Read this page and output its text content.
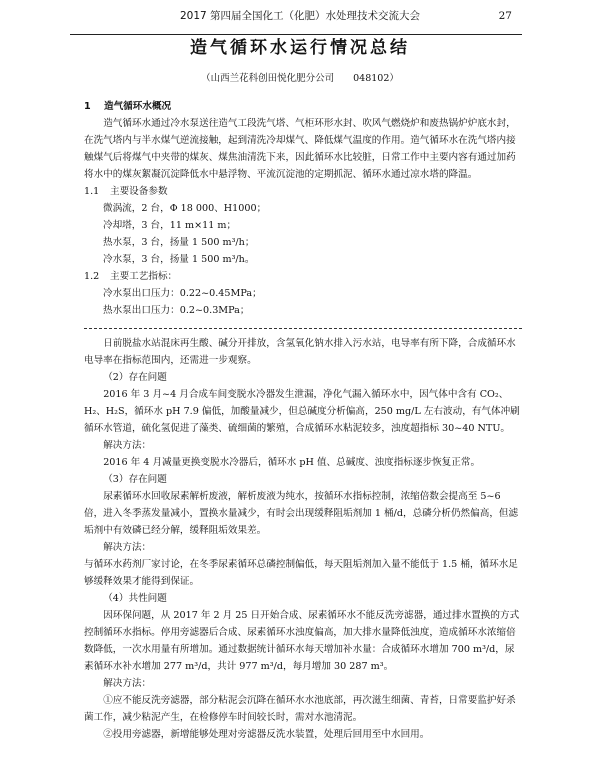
2017 第四届全国化工（化肥）水处理技术交流大会	27
造气循环水运行情况总结
（山西兰花科创田悦化肥分公司　　048102）

1 造气循环水概况

造气循环水通过冷水泵送往造气工段洗气塔、气柜环形水封、吹风气燃烧炉和废热锅炉炉底水封，在洗气塔内与半水煤气逆流接触，起到清洗冷却煤气、降低煤气温度的作用。造气循环水在洗气塔内接触煤气后将煤气中夹带的煤灰、煤焦油清洗下来，因此循环水比较脏，日常工作中主要内容有通过加药将水中的煤灰絮凝沉淀降低水中悬浮物、平流沉淀池的定期抓泥、循环水通过凉水塔的降温。

1.1 主要设备参数

微涡流，2 台，Φ 18 000、H1000；

冷却塔，3 台，11 m×11 m；

热水泵，3 台，扬量 1 500 m³/h；

冷水泵，3 台，扬量 1 500 m³/h。

1.2 主要工艺指标：

冷水泵出口压力：0.22~0.45MPa；

热水泵出口压力：0.2~0.3MPa；

日前脱盐水站混床再生酸、碱分开排放，含氢氧化钠水排入污水站，电导率有所下降，合成循环水电导率在指标范围内，还需进一步观察。

（2）存在问题

2016 年 3 月~4 月合成车间变脱水冷器发生泄漏，净化气漏入循环水中，因气体中含有 CO₂、H₂、H₂S，循环水 pH 7.9 偏低，加酸量减少，但总碱度分析偏高，250 mg/L 左右波动，有气体冲刷循环水管道，硫化氢促进了藻类、硫细菌的繁殖，合成循环水粘泥较多，浊度超指标 30~40 NTU。

解决方法：

2016 年 4 月减量更换变脱水冷器后，循环水 pH 值、总碱度、浊度指标逐步恢复正常。

（3）存在问题

尿素循环水回收尿素解析废液，解析废液为纯水，按循环水指标控制，浓缩倍数会提高至 5~6 倍，进入冬季蒸发量减小，置换水量减少，有时会出现缓释阻垢剂加 1 桶/d，总磷分析仍然偏高，但滤垢剂中有效磷已经分解，缓释阻垢效果差。

解决方法：

与循环水药剂厂家讨论，在冬季尿素循环总磷控制偏低，每天阻垢剂加入量不能低于 1.5 桶，循环水足够缓释效果才能得到保证。

（4）共性问题

因环保问题，从 2017 年 2 月 25 日开始合成、尿素循环水不能反洗旁滤器，通过排水置换的方式控制循环水指标。停用旁滤器后合成、尿素循环水浊度偏高，加大排水量降低浊度，造成循环水浓缩倍数降低，一次水用量有所增加。通过数据统计循环水每天增加补水量：合成循环水增加 700 m³/d，尿素循环水补水增加 277 m³/d，共计 977 m³/d，每月增加 30 287 m³。

解决方法：

①应不能反洗旁滤器，部分粘泥会沉降在循环水水池底部，再次滋生细菌、青苔，日常要监护好杀菌工作，减少粘泥产生，在检修停车时间较长时，需对水池清泥。

②投用旁滤器，新增能够处理对旁滤器反洗水装置，处理后回用至中水回用。
